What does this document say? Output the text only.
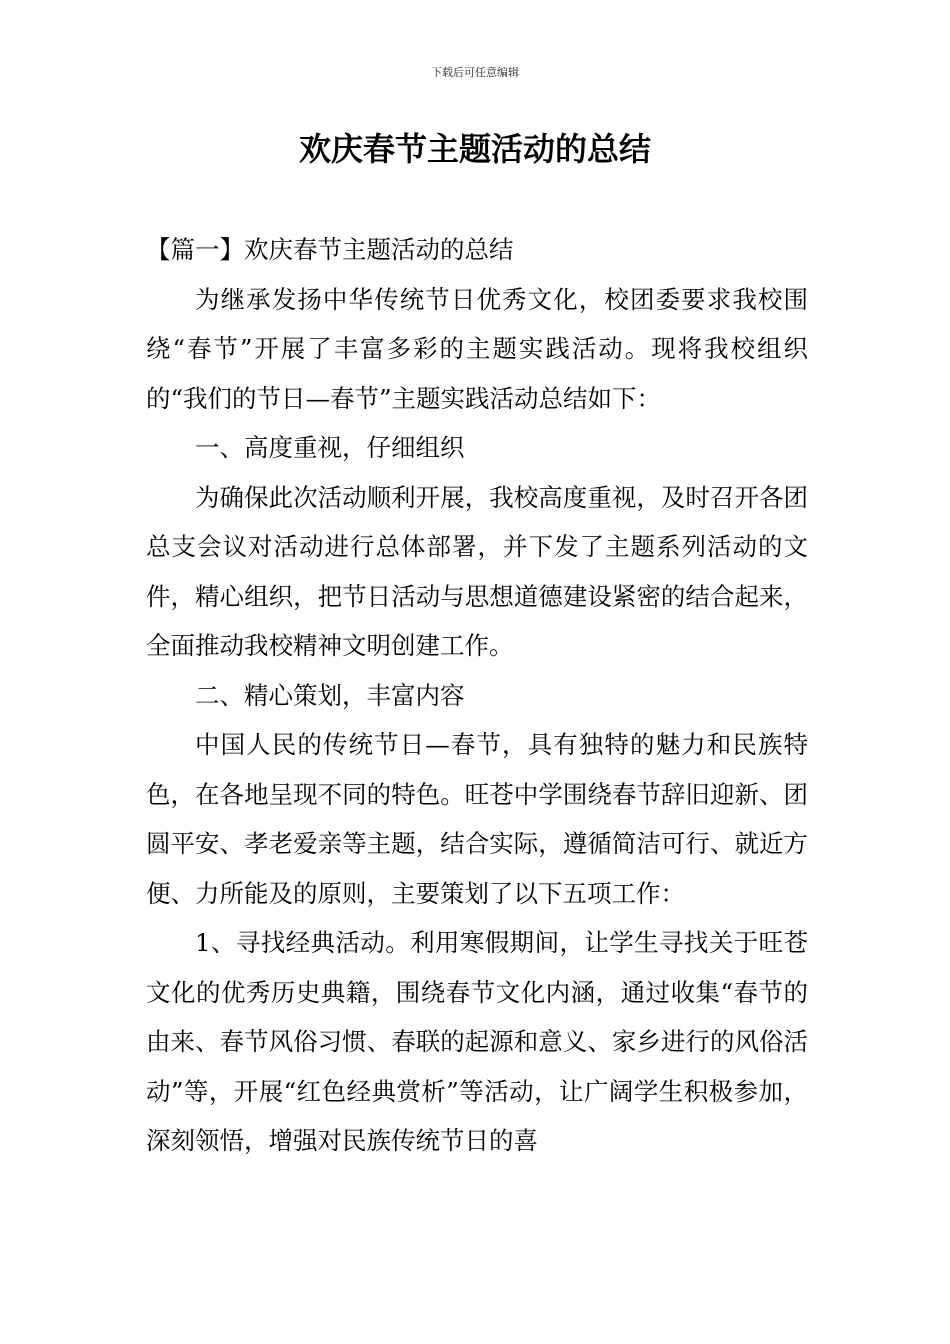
下载后可任意编辑
欢庆春节主题活动的总结

【篇一】欢庆春节主题活动的总结

为继承发扬中华传统节日优秀文化，校团委要求我校围绕“春节”开展了丰富多彩的主题实践活动。现将我校组织的“我们的节日—春节”主题实践活动总结如下：

一、高度重视，仔细组织

为确保此次活动顺利开展，我校高度重视，及时召开各团总支会议对活动进行总体部署，并下发了主题系列活动的文件，精心组织，把节日活动与思想道德建设紧密的结合起来，全面推动我校精神文明创建工作。

二、精心策划，丰富内容

中国人民的传统节日—春节，具有独特的魅力和民族特色，在各地呈现不同的特色。旺苍中学围绕春节辞旧迎新、团圆平安、孝老爱亲等主题，结合实际，遵循简洁可行、就近方便、力所能及的原则，主要策划了以下五项工作：

1、寻找经典活动。利用寒假期间，让学生寻找关于旺苍文化的优秀历史典籍，围绕春节文化内涵，通过收集“春节的由来、春节风俗习惯、春联的起源和意义、家乡进行的风俗活动”等，开展“红色经典赏析”等活动，让广阔学生积极参加，深刻领悟，增强对民族传统节日的喜
